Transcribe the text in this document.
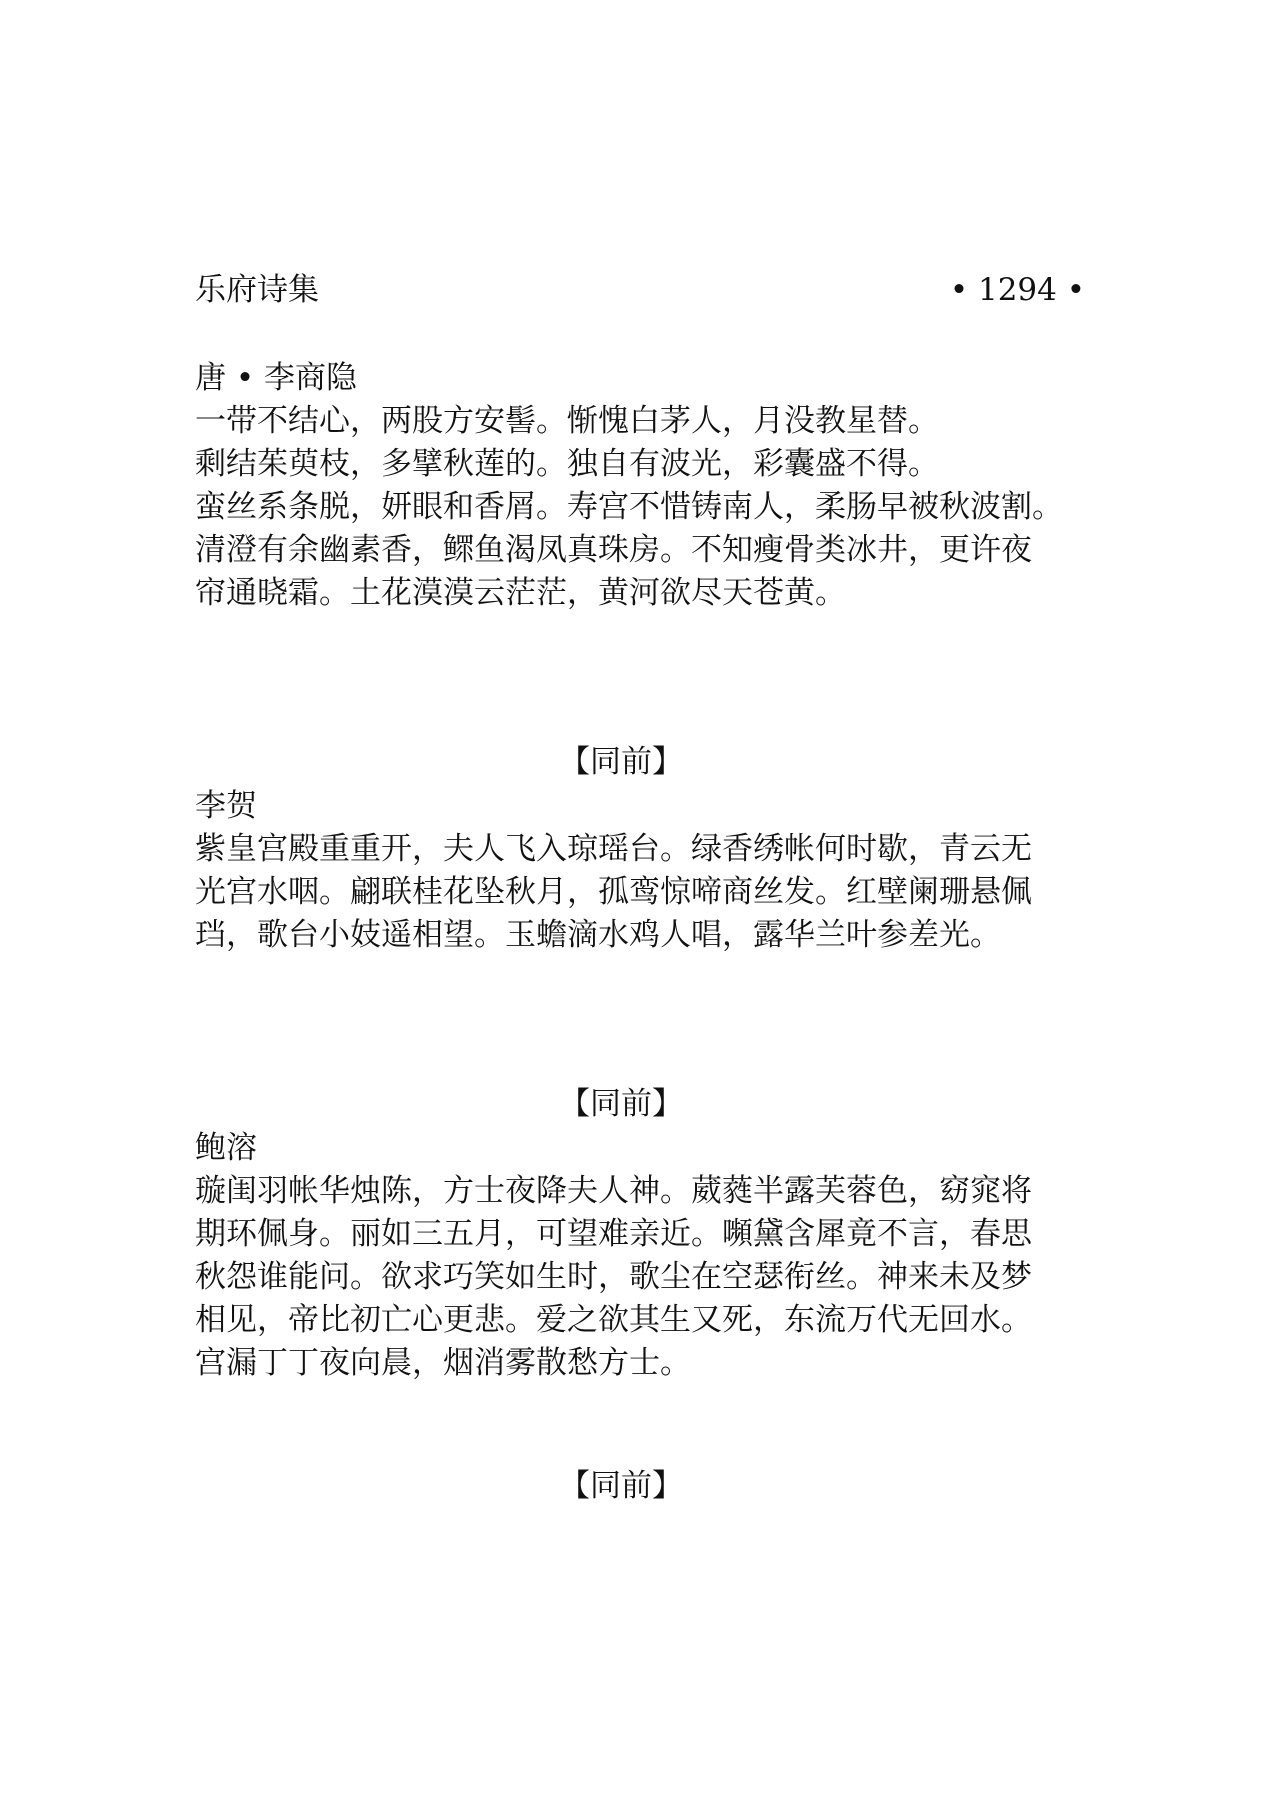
乐府诗集	• 1294 •
唐 • 李商隐
一带不结心，两股方安髻。惭愧白茅人，月没教星替。
剩结茱萸枝，多擘秋莲的。独自有波光，彩囊盛不得。
蛮丝系条脱，妍眼和香屑。寿宫不惜铸南人，柔肠早被秋波割。
清澄有余幽素香，鳏鱼渴凤真珠房。不知瘦骨类冰井，更许夜
帘通晓霜。土花漠漠云茫茫，黄河欲尽天苍黄。
【同前】
李贺
紫皇宫殿重重开，夫人飞入琼瑶台。绿香绣帐何时歇，青云无
光宫水咽。翩联桂花坠秋月，孤鸾惊啼商丝发。红壁阑珊悬佩
珰，歌台小妓遥相望。玉蟾滴水鸡人唱，露华兰叶参差光。
【同前】
鲍溶
璇闺羽帐华烛陈，方士夜降夫人神。葳蕤半露芙蓉色，窈窕将
期环佩身。丽如三五月，可望难亲近。嚬黛含犀竟不言，春思
秋怨谁能问。欲求巧笑如生时，歌尘在空瑟衔丝。神来未及梦
相见，帝比初亡心更悲。爱之欲其生又死，东流万代无回水。
宫漏丁丁夜向晨，烟消雾散愁方士。
【同前】
